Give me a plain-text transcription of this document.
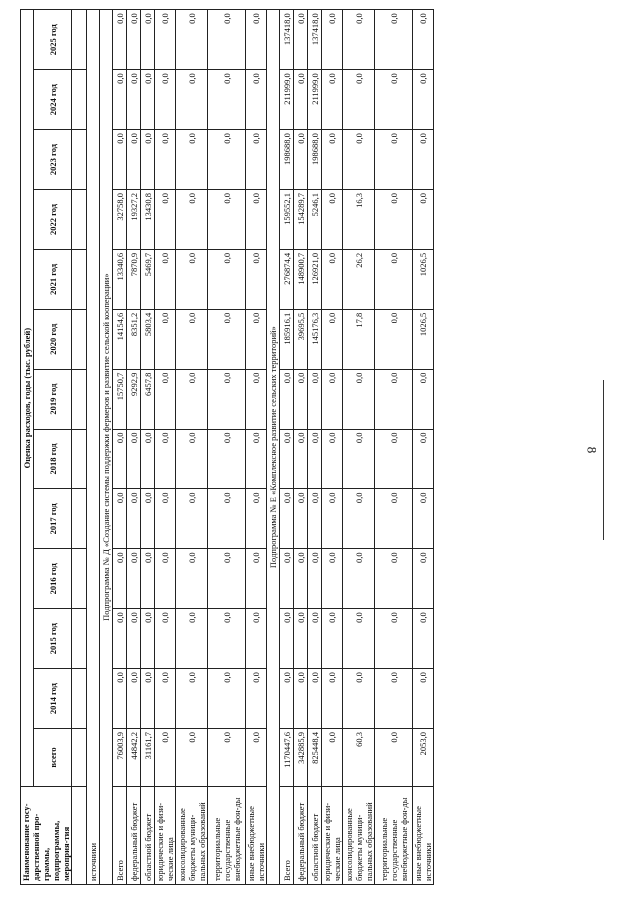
8
Наименование госу-дарственной про-граммы, подпрограммы, мероприя-тия	Оценка расходов, годы (тыс. рублей)												
	всего	2014 год	2015 год	2016 год	2017 год	2018 год	2019 год	2020 год	2021 год	2022 год	2023 год	2024 год	2025 год

источники													
Подпрограмма № Д «Создание системы поддержки фермеров и развитие сельской кооперации»													
Всего	76003,9	0,0	0,0	0,0	0,0	0,0	15750,7	14154,6	13340,6	32758,0	0,0	0,0	0,0
федеральный бюджет	44842,2	0,0	0,0	0,0	0,0	0,0	9292,9	8351,2	7870,9	19327,2	0,0	0,0	0,0
областной бюджет	31161,7	0,0	0,0	0,0	0,0	0,0	6457,8	5803,4	5469,7	13430,8	0,0	0,0	0,0
юридические и физи-ческие лица	0,0	0,0	0,0	0,0	0,0	0,0	0,0	0,0	0,0	0,0	0,0	0,0	0,0
консолидированные бюджеты муници-пальных образований	0,0	0,0	0,0	0,0	0,0	0,0	0,0	0,0	0,0	0,0	0,0	0,0	0,0
территориальные государственные внебюджетные фон-ды	0,0	0,0	0,0	0,0	0,0	0,0	0,0	0,0	0,0	0,0	0,0	0,0	0,0
иные внебюджетные источники	0,0	0,0	0,0	0,0	0,0	0,0	0,0	0,0	0,0	0,0	0,0	0,0	0,0
Подпрограмма № Е «Комплексное развитие сельских территорий»													
Всего	1170447,6	0,0	0,0	0,0	0,0	0,0	0,0	185916,1	276874,4	159552,1	198688,0	211999,0	137418,0
федеральный бюджет	342885,9	0,0	0,0	0,0	0,0	0,0	0,0	39695,5	148900,7	154289,7	0,0	0,0	0,0
областной бюджет	825448,4	0,0	0,0	0,0	0,0	0,0	0,0	145176,3	126921,0	5246,1	198688,0	211999,0	137418,0
юридические и физи-ческие лица	0,0	0,0	0,0	0,0	0,0	0,0	0,0	0,0	0,0	0,0	0,0	0,0	0,0
консолидированные бюджеты муници-пальных образований	60,3	0,0	0,0	0,0	0,0	0,0	0,0	17,8	26,2	16,3	0,0	0,0	0,0
территориальные государственные внебюджетные фон-ды	0,0	0,0	0,0	0,0	0,0	0,0	0,0	0,0	0,0	0,0	0,0	0,0	0,0
иные внебюджетные источники	2053,0	0,0	0,0	0,0	0,0	0,0	0,0	1026,5	1026,5	0,0	0,0	0,0	0,0
